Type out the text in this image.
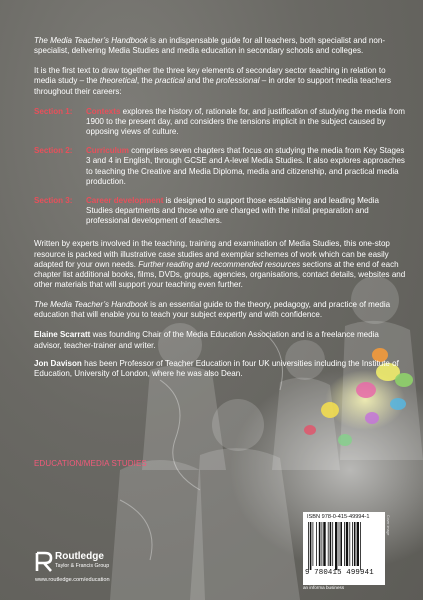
The Media Teacher’s Handbook is an indispensable guide for all teachers, both specialist and non-specialist, delivering Media Studies and media education in secondary schools and colleges.

It is the first text to draw together the three key elements of secondary sector teaching in relation to media study – the theoretical, the practical and the professional – in order to support media teachers throughout their careers:

Section 1:	Contexts explores the history of, rationale for, and justification of studying the media from 1900 to the present day, and considers the tensions implicit in the subject caused by opposing views of culture.
Section 2:	Curriculum comprises seven chapters that focus on studying the media from Key Stages 3 and 4 in English, through GCSE and A-level Media Studies. It also explores approaches to teaching the Creative and Media Diploma, media and citizenship, and practical media production.
Section 3:	Career development is designed to support those establishing and leading Media Studies departments and those who are charged with the initial preparation and professional development of teachers.

Written by experts involved in the teaching, training and examination of Media Studies, this one-stop resource is packed with illustrative case studies and exemplar schemes of work which can be easily adapted for your own needs. Further reading and recommended resources sections at the end of each chapter list additional books, films, DVDs, groups, agencies, organisations, contact details, websites and other materials that will support your teaching even further.

The Media Teacher’s Handbook is an essential guide to the theory, pedagogy, and practice of media education that will enable you to teach your subject expertly and with confidence.

Elaine Scarratt was founding Chair of the Media Education Association and is a freelance media advisor, teacher-trainer and writer.

Jon Davison has been Professor of Teacher Education in four UK universities including the Institute of Education, University of London, where he was also Dean.

EDUCATION/MEDIA STUDIES
Routledge
Taylor & Francis Group
www.routledge.com/education
Cover image
ISBN 978-0-415-49994-1
9 780415 499941
an informa business
